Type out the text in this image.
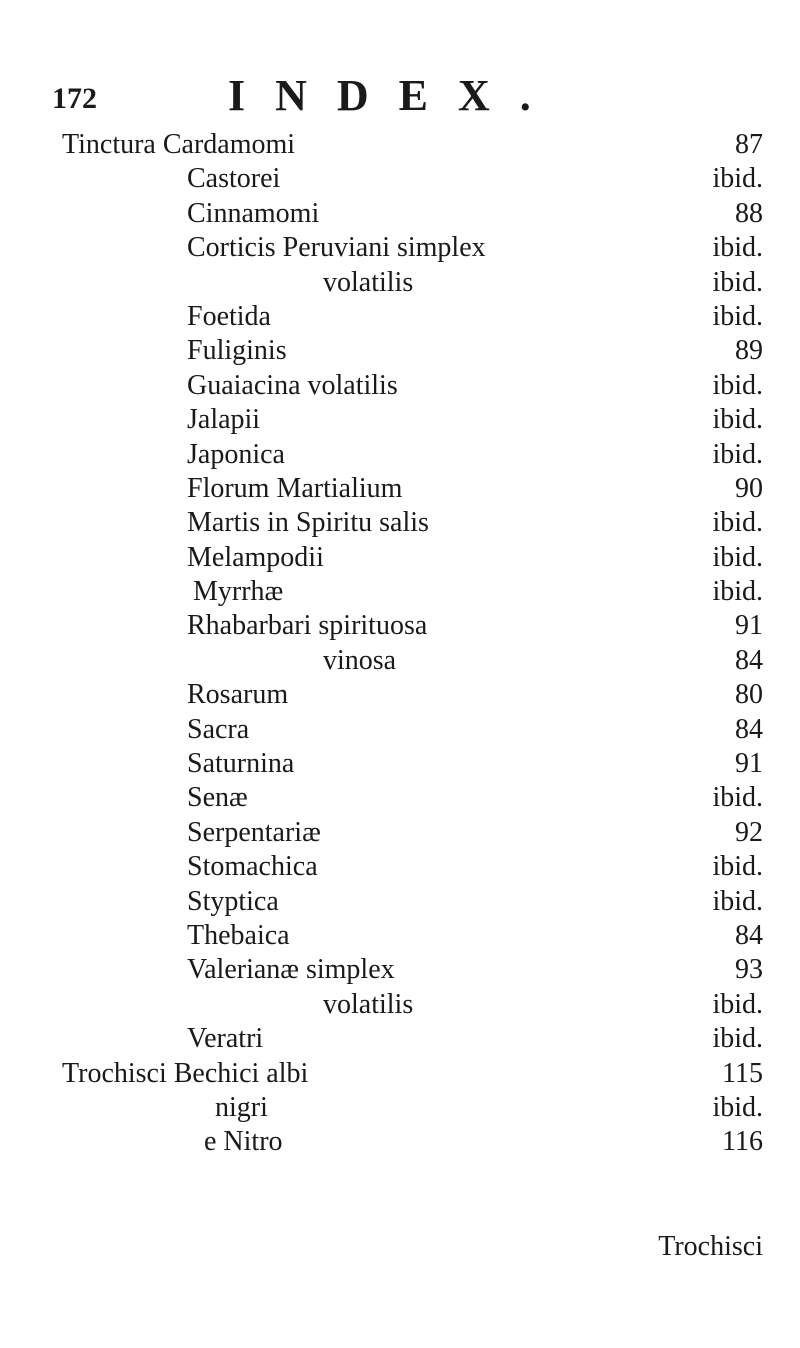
172	INDEX.
Tinctura Cardamomi	87
Castorei	ibid.
Cinnamomi	88
Corticis Peruviani simplex	ibid.
volatilis	ibid.
Foetida	ibid.
Fuliginis	89
Guaiacina volatilis	ibid.
Jalapii	ibid.
Japonica	ibid.
Florum Martialium	90
Martis in Spiritu salis	ibid.
Melampodii	ibid.
Myrrhæ	ibid.
Rhabarbari spirituosa	91
vinosa	84
Rosarum	80
Sacra	84
Saturnina	91
Senæ	ibid.
Serpentariæ	92
Stomachica	ibid.
Styptica	ibid.
Thebaica	84
Valerianæ simplex	93
volatilis	ibid.
Veratri	ibid.
Trochisci Bechici albi	115
nigri	ibid.
e Nitro	116
Trochisci
